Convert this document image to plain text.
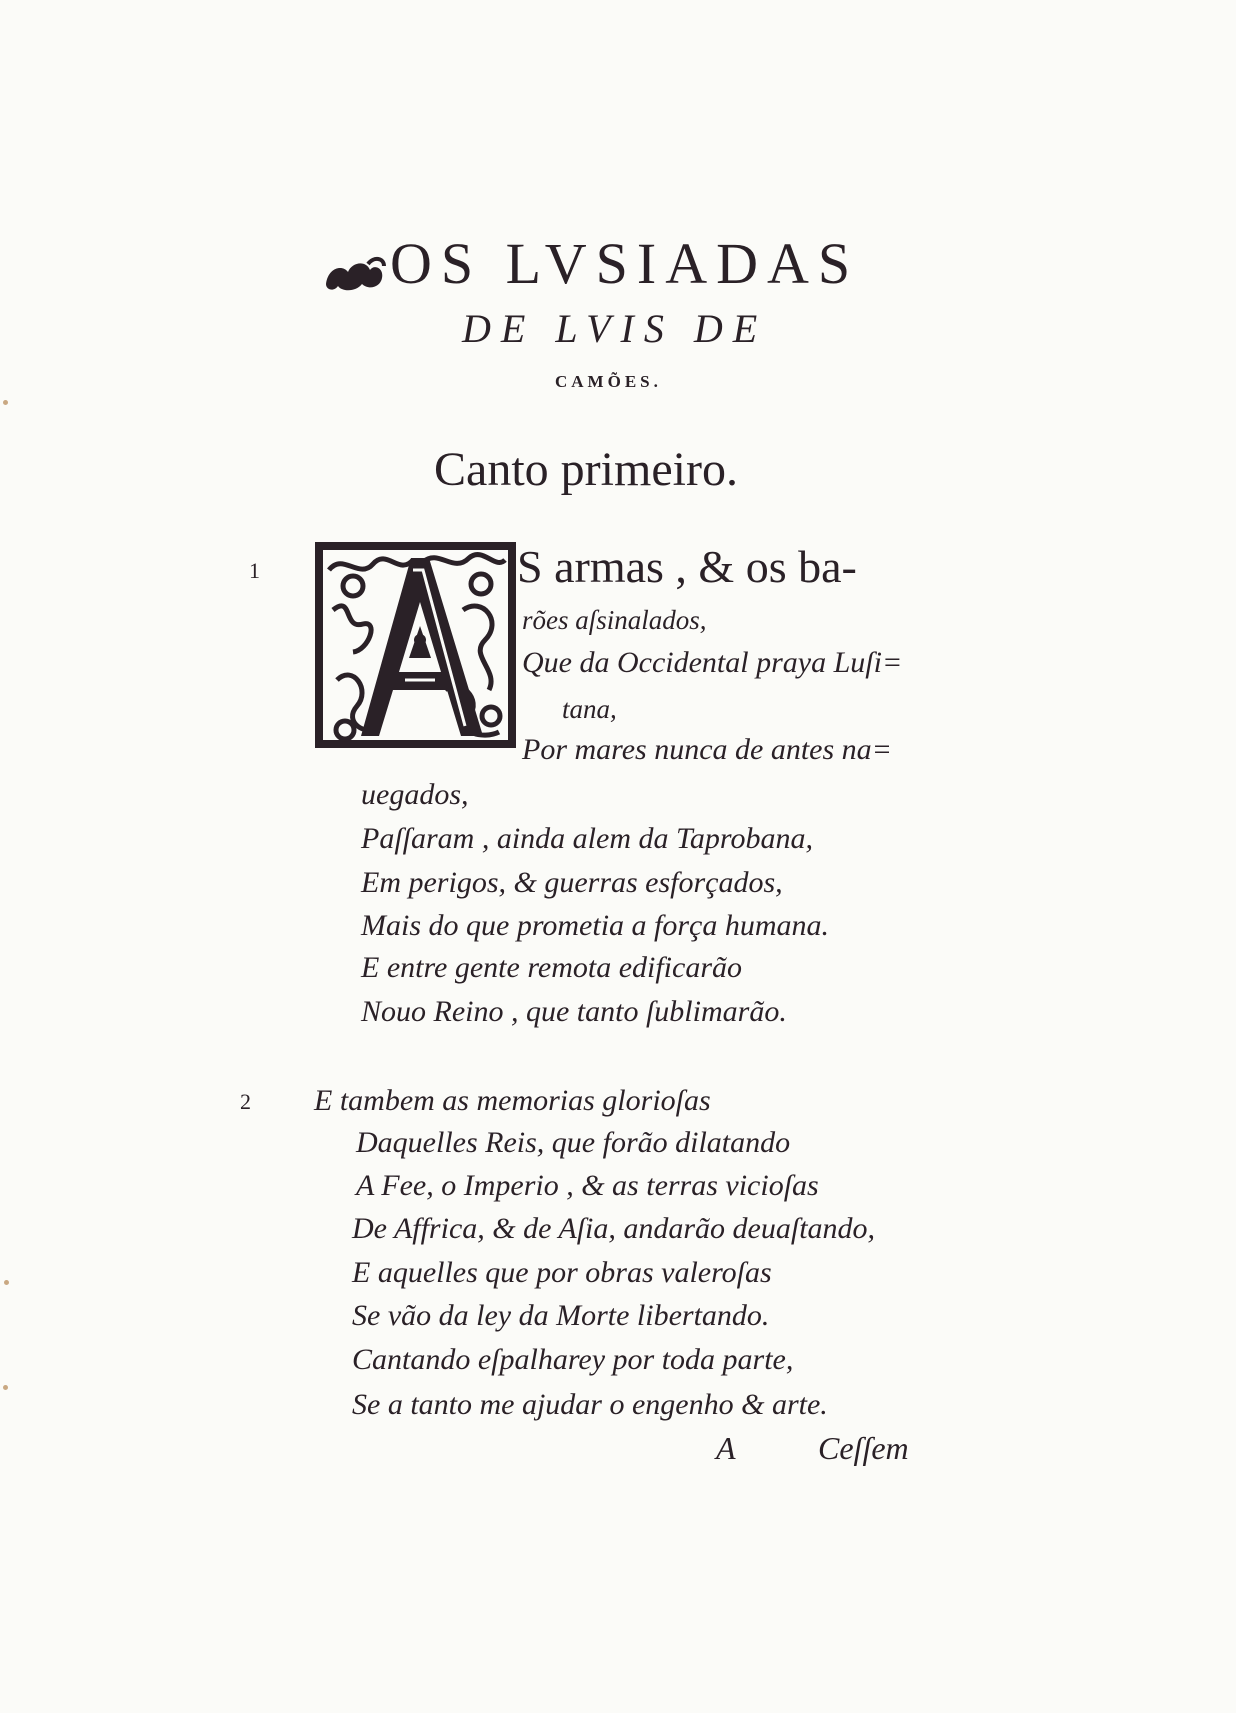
OS LVSIADAS
DE LVIS DE
CAMÕES.
Canto primeiro.
1	S armas , & os ba-
rões aſsinalados,
Que da Occidental praya Luſi=
tana,
Por mares nunca de antes na=
uegados,
Paſſaram , ainda alem da Taprobana,
Em perigos, & guerras esforçados,
Mais do que prometia a força humana.
E entre gente remota edificarão
Nouo Reino , que tanto ſublimarão.
2 E tambem as memorias glorioſas
Daquelles Reis, que forão dilatando
A Fee, o Imperio , & as terras vicioſas
De Affrica, & de Aſia, andarão deuaſtando,
E aquelles que por obras valeroſas
Se vão da ley da Morte libertando.
Cantando eſpalharey por toda parte,
Se a tanto me ajudar o engenho & arte.
A	Ceſſem
